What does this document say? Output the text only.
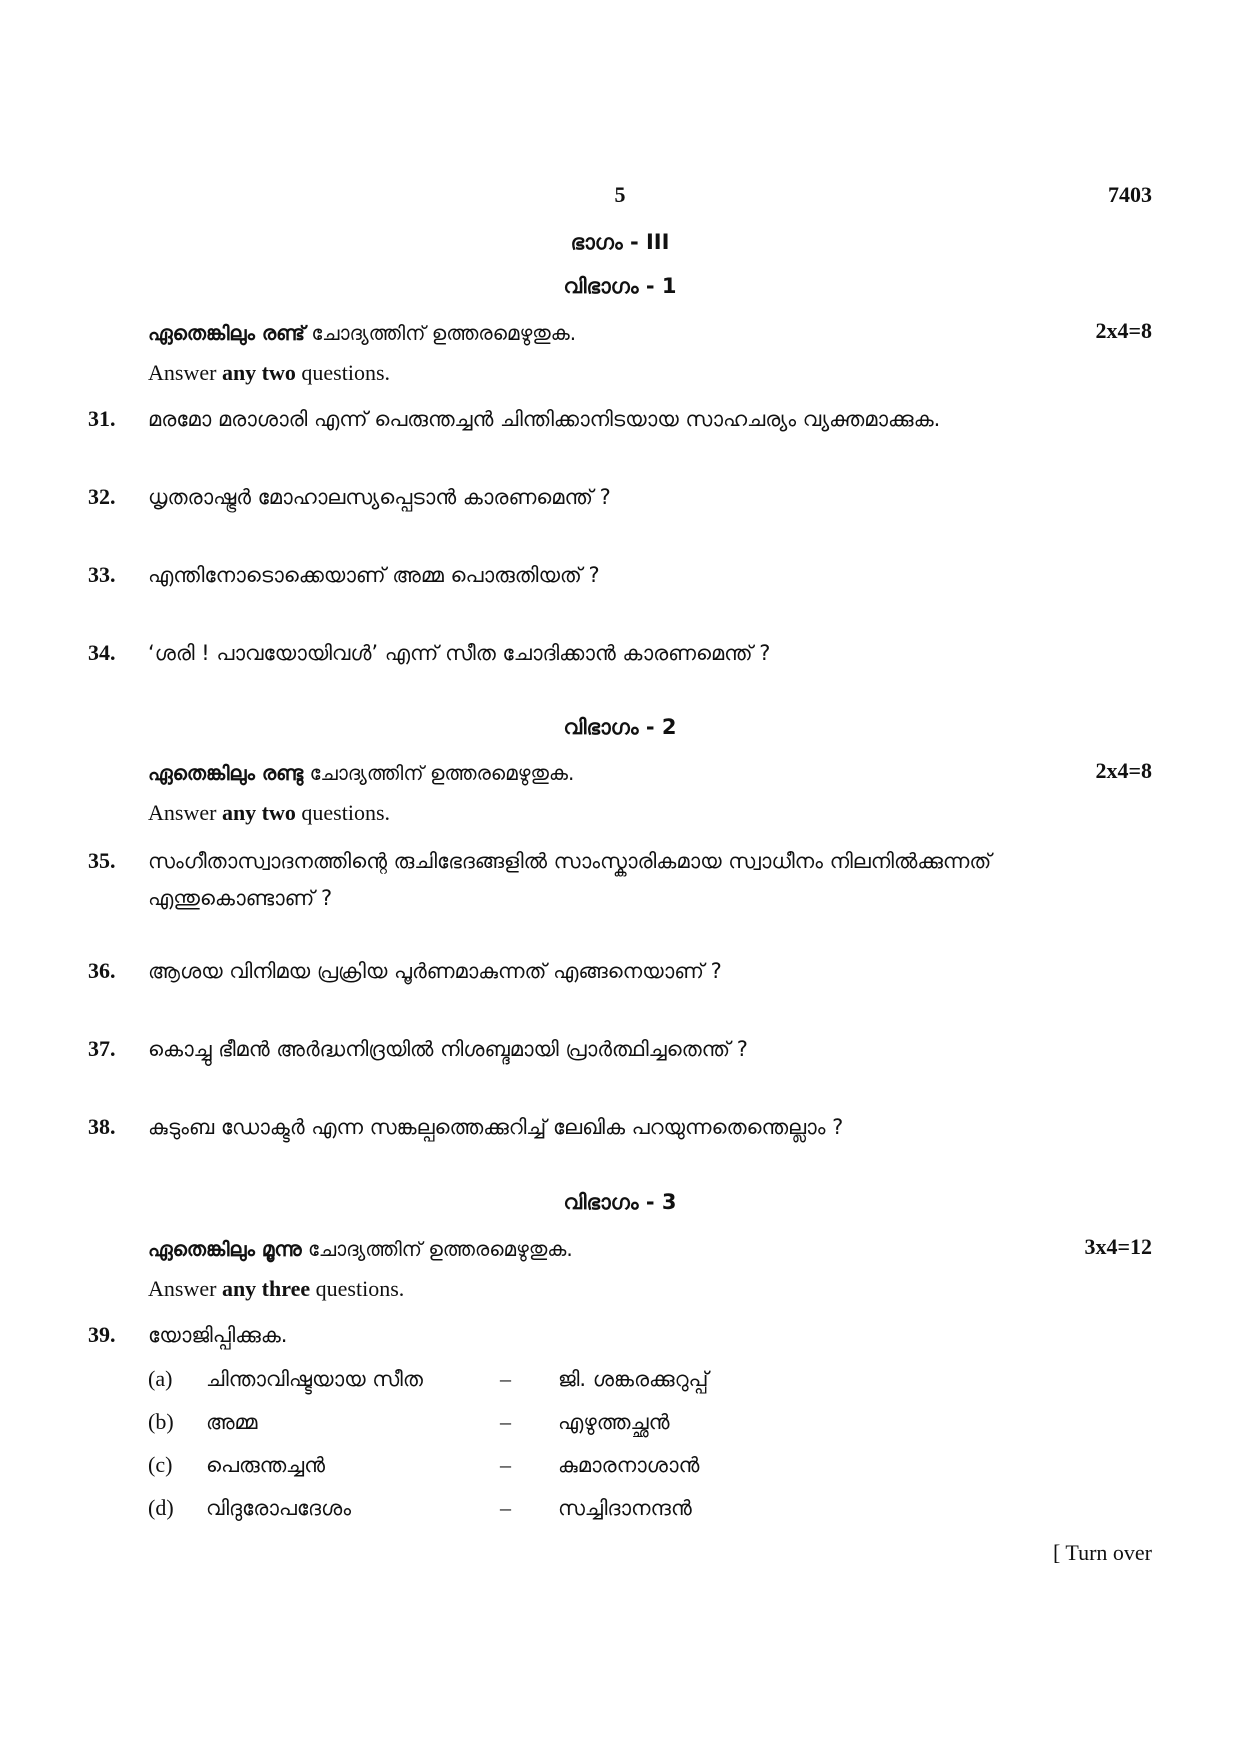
5	7403
ഭാഗം - III
വിഭാഗം - 1
ഏതെങ്കിലും രണ്ട് ചോദ്യത്തിന് ഉത്തരമെഴുതുക.	2x4=8
Answer any two questions.
31.	മരമോ മരാശാരി എന്ന് പെരുന്തച്ചൻ ചിന്തിക്കാനിടയായ സാഹചര്യം വ്യക്തമാക്കുക.
32.	ധൃതരാഷ്ട്രർ മോഹാലസ്യപ്പെടാൻ കാരണമെന്ത് ?
33.	എന്തിനോടൊക്കെയാണ് അമ്മ പൊരുതിയത് ?
34.	‘ശരി ! പാവയോയിവൾ’ എന്ന് സീത ചോദിക്കാൻ കാരണമെന്ത് ?
വിഭാഗം - 2
ഏതെങ്കിലും രണ്ടു ചോദ്യത്തിന് ഉത്തരമെഴുതുക.	2x4=8
Answer any two questions.
35.	സംഗീതാസ്വാദനത്തിന്റെ രുചിഭേദങ്ങളിൽ സാംസ്കാരികമായ സ്വാധീനം നിലനിൽക്കുന്നത്
എന്തുകൊണ്ടാണ് ?
36.	ആശയ വിനിമയ പ്രക്രിയ പൂർണമാകുന്നത് എങ്ങനെയാണ് ?
37.	കൊച്ചു ഭീമൻ അർദ്ധനിദ്രയിൽ നിശബ്ദമായി പ്രാർത്ഥിച്ചതെന്ത് ?
38.	കുടുംബ ഡോക്ടർ എന്ന സങ്കല്പത്തെക്കുറിച്ച് ലേഖിക പറയുന്നതെന്തെല്ലാം ?
വിഭാഗം - 3
ഏതെങ്കിലും മൂന്നു ചോദ്യത്തിന് ഉത്തരമെഴുതുക.	3x4=12
Answer any three questions.
39.	യോജിപ്പിക്കുക.
(a) ചിന്താവിഷ്ടയായ സീത	– ജി. ശങ്കരക്കുറുപ്പ്
(b) അമ്മ	– എഴുത്തച്ഛൻ
(c) പെരുന്തച്ചൻ	– കുമാരനാശാൻ
(d) വിദുരോപദേശം	– സച്ചിദാനന്ദൻ
[ Turn over
